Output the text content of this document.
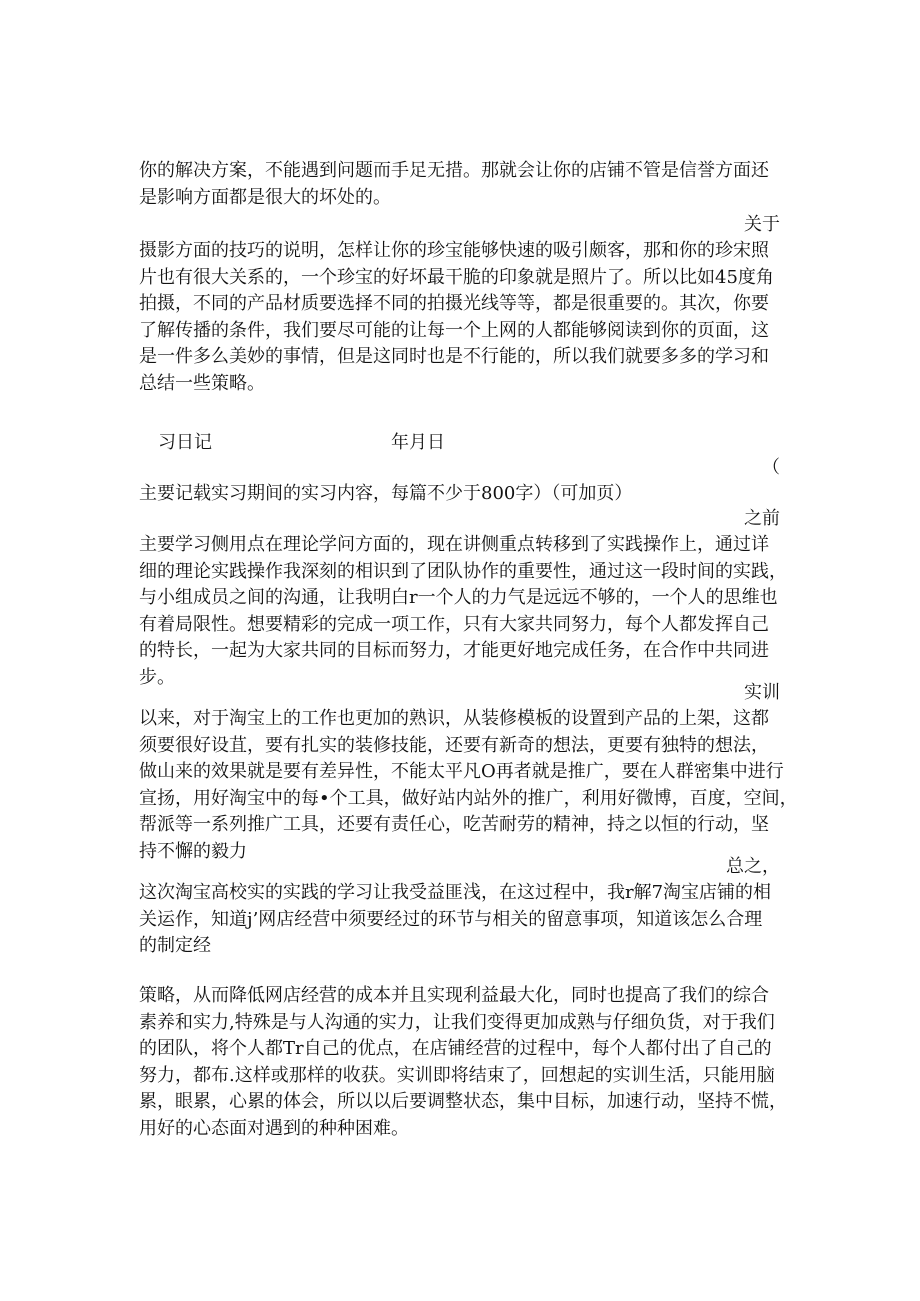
你的解决方案，不能遇到问题而手足无措。那就会让你的店铺不管是信誉方面还
是影响方面都是很大的坏处的。
关于
摄影方面的技巧的说明，怎样让你的珍宝能够快速的吸引颇客，那和你的珍宋照
片也有很大关系的，一个珍宝的好坏最干脆的印象就是照片了。所以比如45度角
拍摄，不同的产品材质要选择不同的拍摄光线等等，都是很重要的。其次，你要
了解传播的条件，我们要尽可能的让每一个上网的人都能够阅读到你的页面，这
是一件多么美妙的事情，但是这同时也是不行能的，所以我们就要多多的学习和
总结一些策略。
习日记	年月日
（
主要记载实习期间的实习内容，每篇不少于800字）（可加页）
之前
主要学习侧用点在理论学问方面的，现在讲侧重点转移到了实践操作上，通过详
细的理论实践操作我深刻的相识到了团队协作的重要性，通过这一段时间的实践，
与小组成员之间的沟通，让我明白r一个人的力气是远远不够的，一个人的思维也
有着局限性。想要精彩的完成一项工作，只有大家共同努力，每个人都发挥自己
的特长，一起为大家共同的目标而努力，才能更好地完成任务，在合作中共同进
步。
实训
以来，对于淘宝上的工作也更加的熟识，从装修模板的设置到产品的上架，这都
须要很好设苴，要有扎实的装修技能，还要有新奇的想法，更要有独特的想法，
做山来的效果就是要有差异性，不能太平凡O再者就是推广，要在人群密集中进行
宣扬，用好淘宝中的每•个工具，做好站内站外的推广，利用好微博，百度，空间，
帮派等一系列推广工具，还要有责任心，吃苦耐劳的精神，持之以恒的行动，坚
持不懈的毅力
总之，
这次淘宝高校实的实践的学习让我受益匪浅，在这过程中，我r解7淘宝店铺的相
关运作，知道j’网店经营中须要经过的环节与相关的留意事项，知道该怎么合理
的制定经
策略，从而降低网店经营的成本并且实现利益最大化，同时也提高了我们的综合
素养和实力,特殊是与人沟通的实力，让我们变得更加成熟与仔细负货，对于我们
的团队，将个人都Tr自己的优点，在店铺经营的过程中，每个人都付出了自己的
努力，都布.这样或那样的收获。实训即将结束了，回想起的实训生活，只能用脑
累，眼累，心累的体会，所以以后要调整状态，集中目标，加速行动，坚持不慌，
用好的心态面对遇到的种种困难。
